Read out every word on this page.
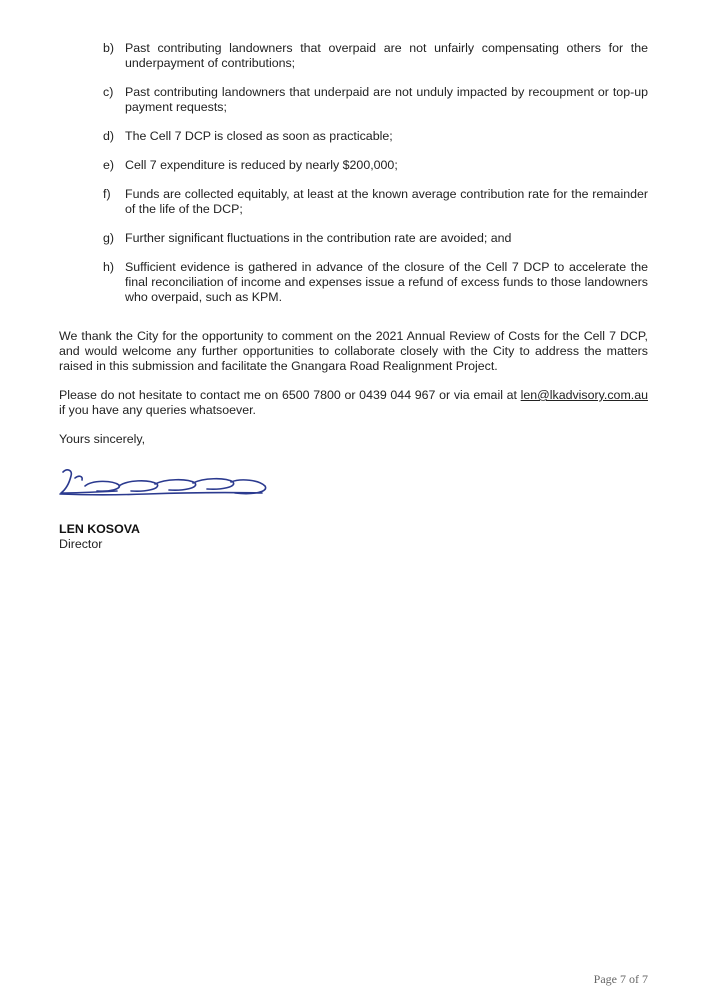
b) Past contributing landowners that overpaid are not unfairly compensating others for the underpayment of contributions;
c) Past contributing landowners that underpaid are not unduly impacted by recoupment or top-up payment requests;
d) The Cell 7 DCP is closed as soon as practicable;
e) Cell 7 expenditure is reduced by nearly $200,000;
f)	Funds are collected equitably, at least at the known average contribution rate for the remainder of the life of the DCP;
g) Further significant fluctuations in the contribution rate are avoided; and
h) Sufficient evidence is gathered in advance of the closure of the Cell 7 DCP to accelerate the final reconciliation of income and expenses issue a refund of excess funds to those landowners who overpaid, such as KPM.

We thank the City for the opportunity to comment on the 2021 Annual Review of Costs for the Cell 7 DCP, and would welcome any further opportunities to collaborate closely with the City to address the matters raised in this submission and facilitate the Gnangara Road Realignment Project.

Please do not hesitate to contact me on 6500 7800 or 0439 044 967 or via email at len@lkadvisory.com.au if you have any queries whatsoever.

Yours sincerely,

LEN KOSOVA
Director
Page 7 of 7
